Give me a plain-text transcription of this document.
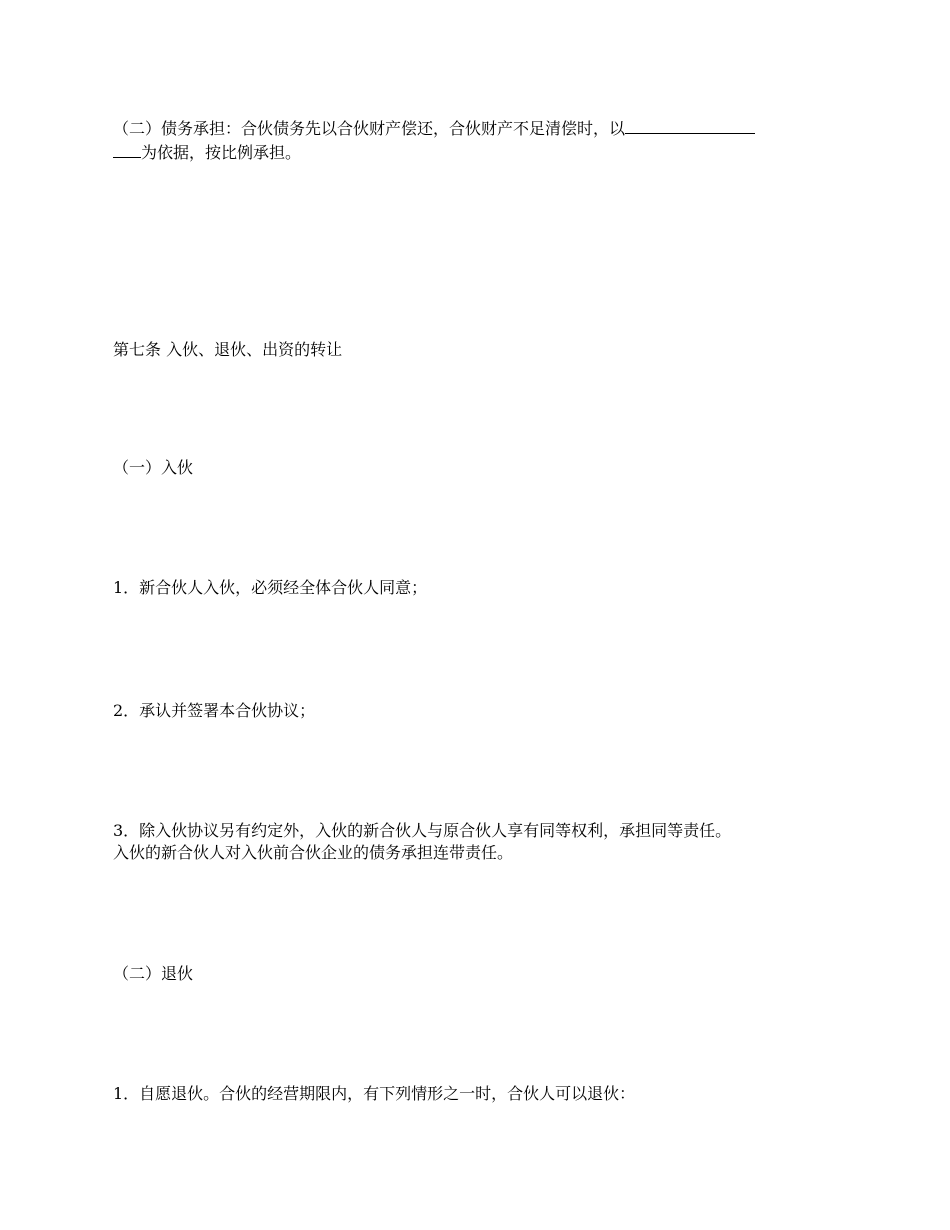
（二）债务承担：合伙债务先以合伙财产偿还，合伙财产不足清偿时，以
为依据，按比例承担。

第七条 入伙、退伙、出资的转让

（一）入伙

1．新合伙人入伙，必须经全体合伙人同意；

2．承认并签署本合伙协议；

3．除入伙协议另有约定外，入伙的新合伙人与原合伙人享有同等权利，承担同等责任。
入伙的新合伙人对入伙前合伙企业的债务承担连带责任。

（二）退伙

1．自愿退伙。合伙的经营期限内，有下列情形之一时，合伙人可以退伙：
